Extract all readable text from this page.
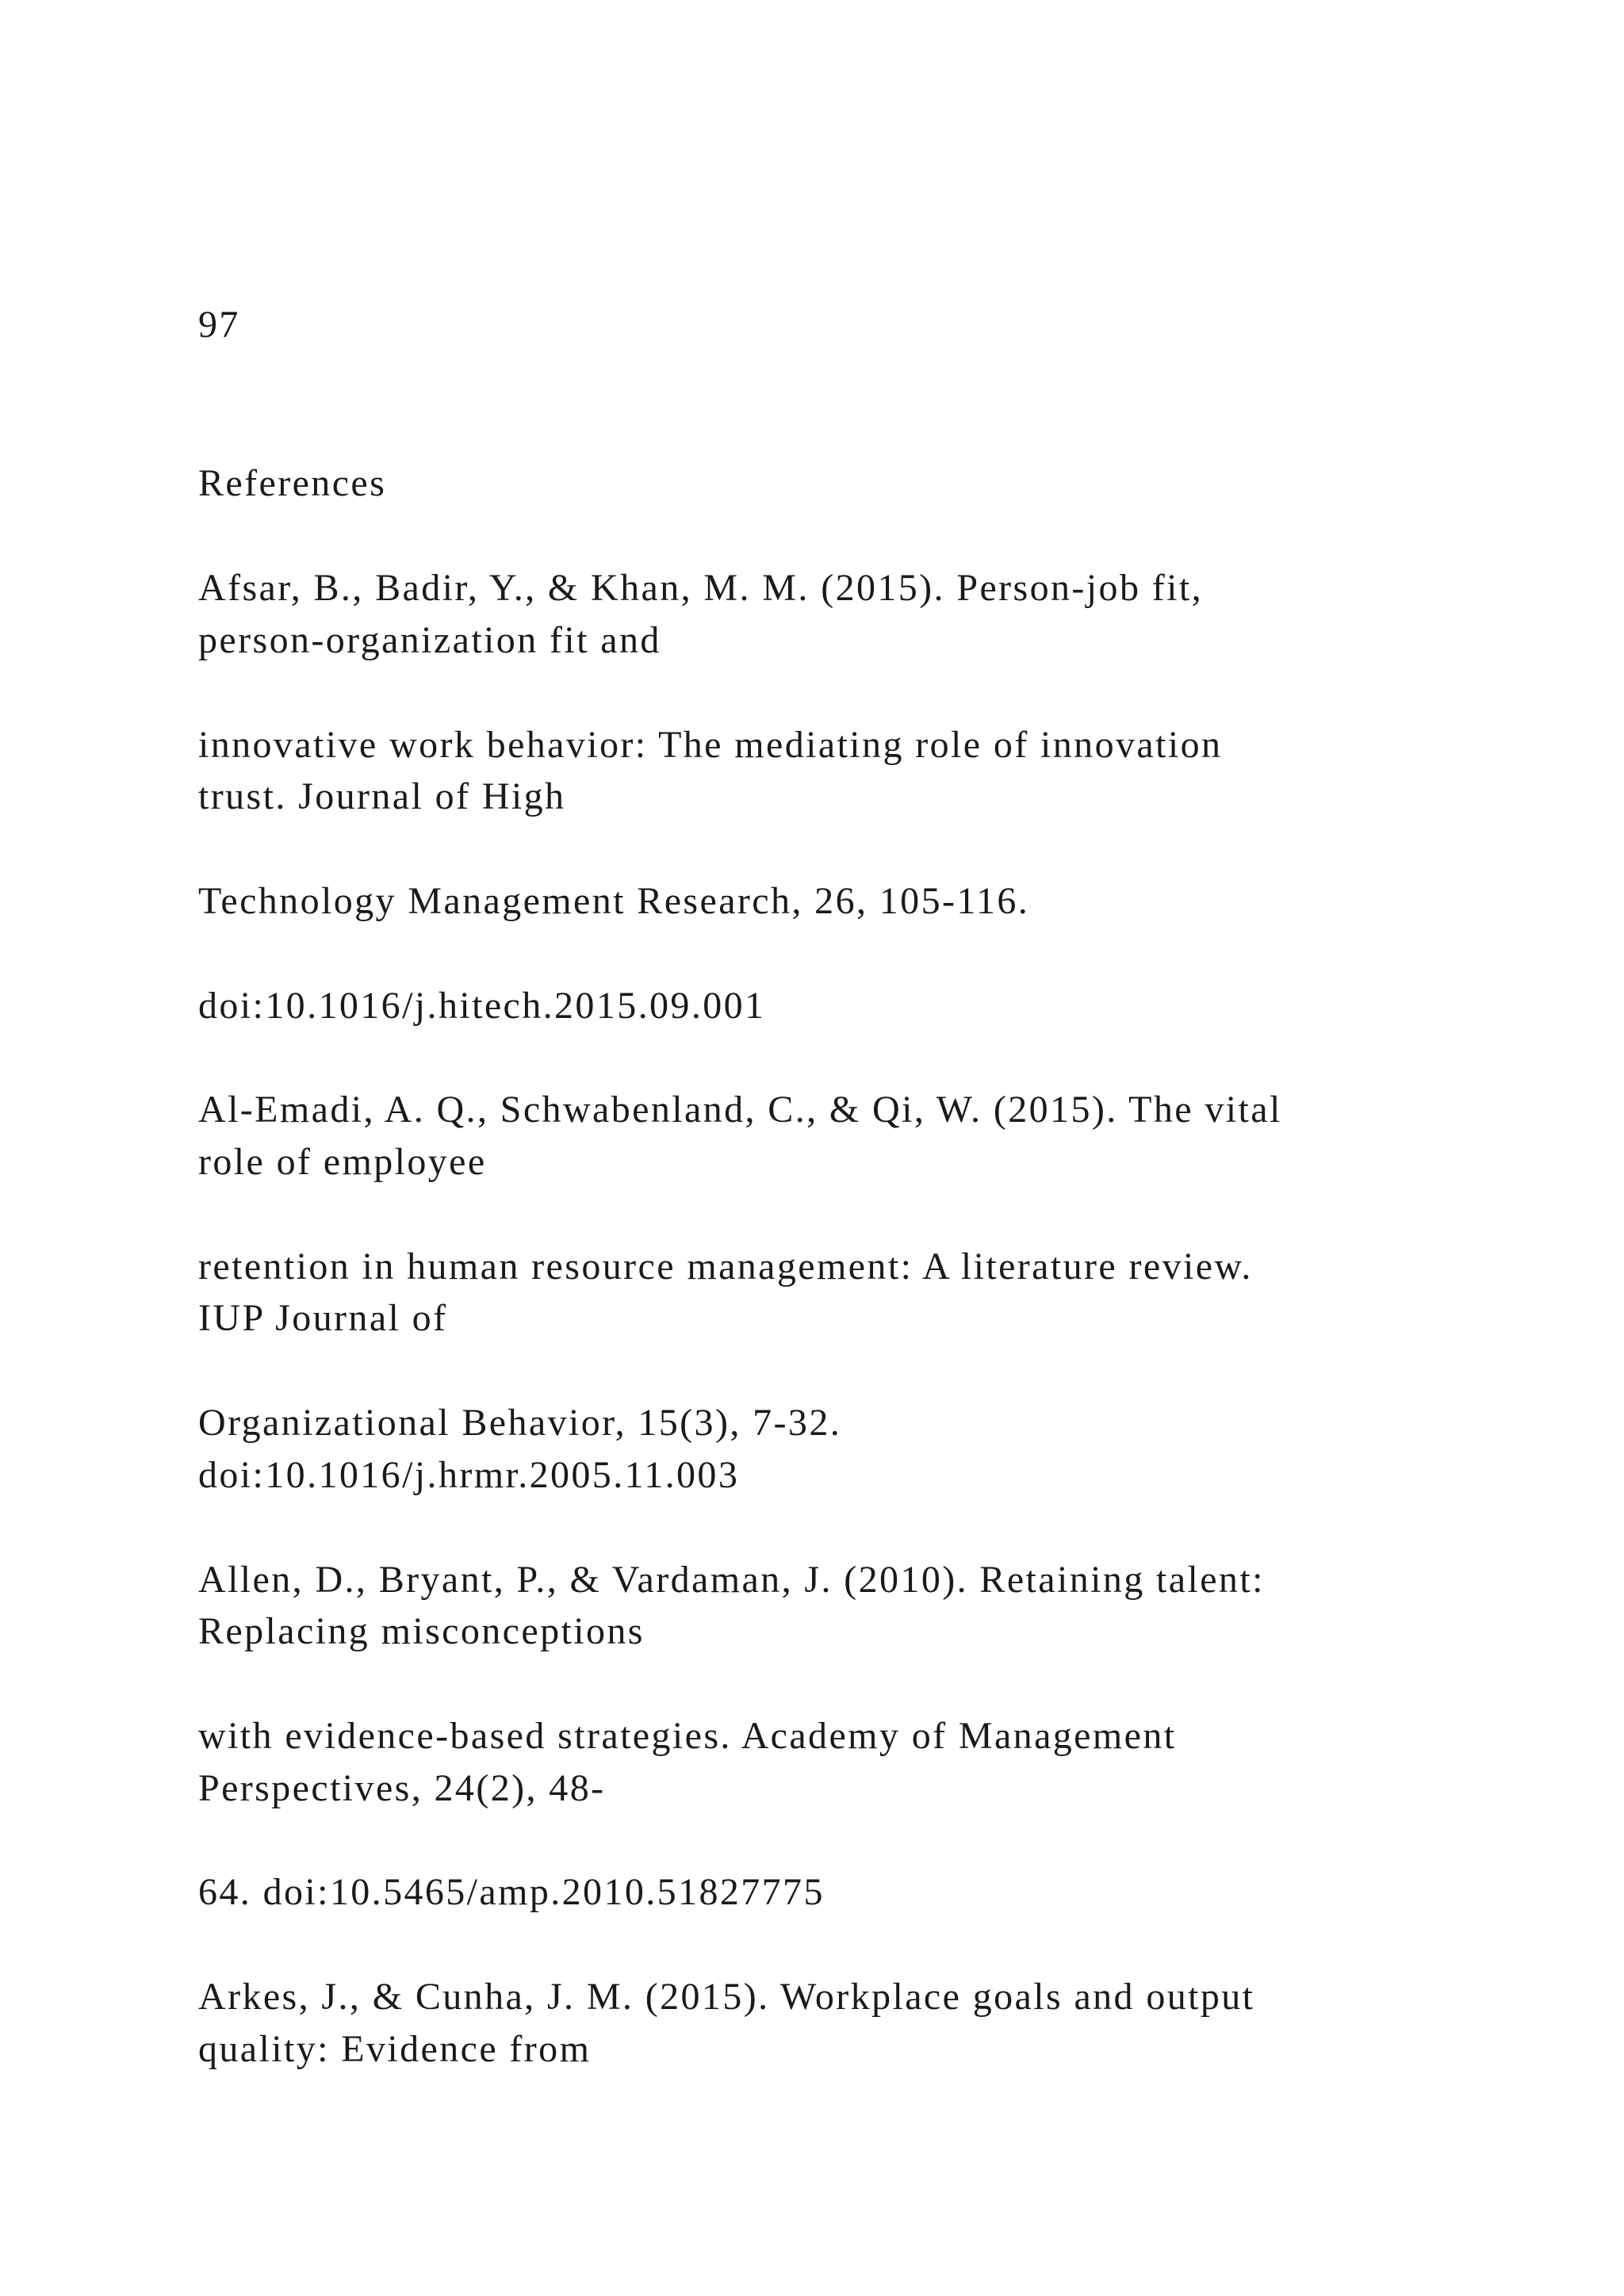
97

References

Afsar, B., Badir, Y., & Khan, M. M. (2015). Person-job fit,

person-organization fit and

innovative work behavior: The mediating role of innovation

trust. Journal of High

Technology Management Research, 26, 105-116.

doi:10.1016/j.hitech.2015.09.001

Al-Emadi, A. Q., Schwabenland, C., & Qi, W. (2015). The vital

role of employee

retention in human resource management: A literature review.

IUP Journal of

Organizational Behavior, 15(3), 7-32.

doi:10.1016/j.hrmr.2005.11.003

Allen, D., Bryant, P., & Vardaman, J. (2010). Retaining talent:

Replacing misconceptions

with evidence-based strategies. Academy of Management

Perspectives, 24(2), 48-

64. doi:10.5465/amp.2010.51827775

Arkes, J., & Cunha, J. M. (2015). Workplace goals and output

quality: Evidence from
